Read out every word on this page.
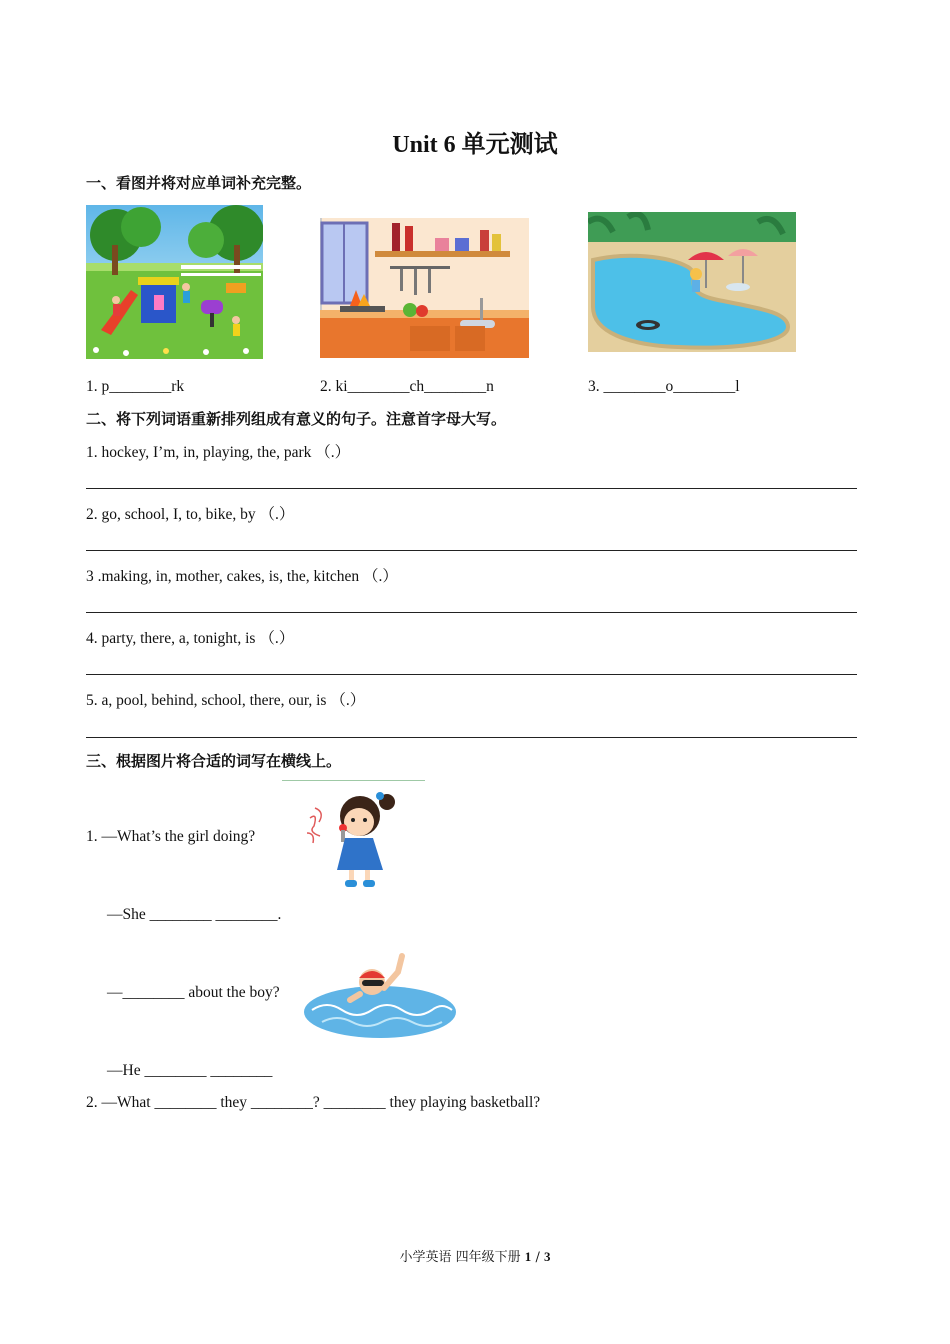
Unit 6 单元测试
一、看图并将对应单词补充完整。
1. p________rk	2. ki________ch________n	3. ________o________l
二、将下列词语重新排列组成有意义的句子。注意首字母大写。
1. hockey, I’m, in, playing, the, park （.）
2. go, school, I, to, bike, by （.）
3 .making, in, mother, cakes, is, the, kitchen （.）
4. party, there, a, tonight, is （.）
5. a, pool, behind, school, there, our, is （.）
三、根据图片将合适的词写在横线上。
1. —What’s the girl doing?
—She ________ ________.
—________ about the boy?
—He ________ ________
2. —What ________ they ________? ________ they playing basketball?
小学英语 四年级下册 1 / 3
